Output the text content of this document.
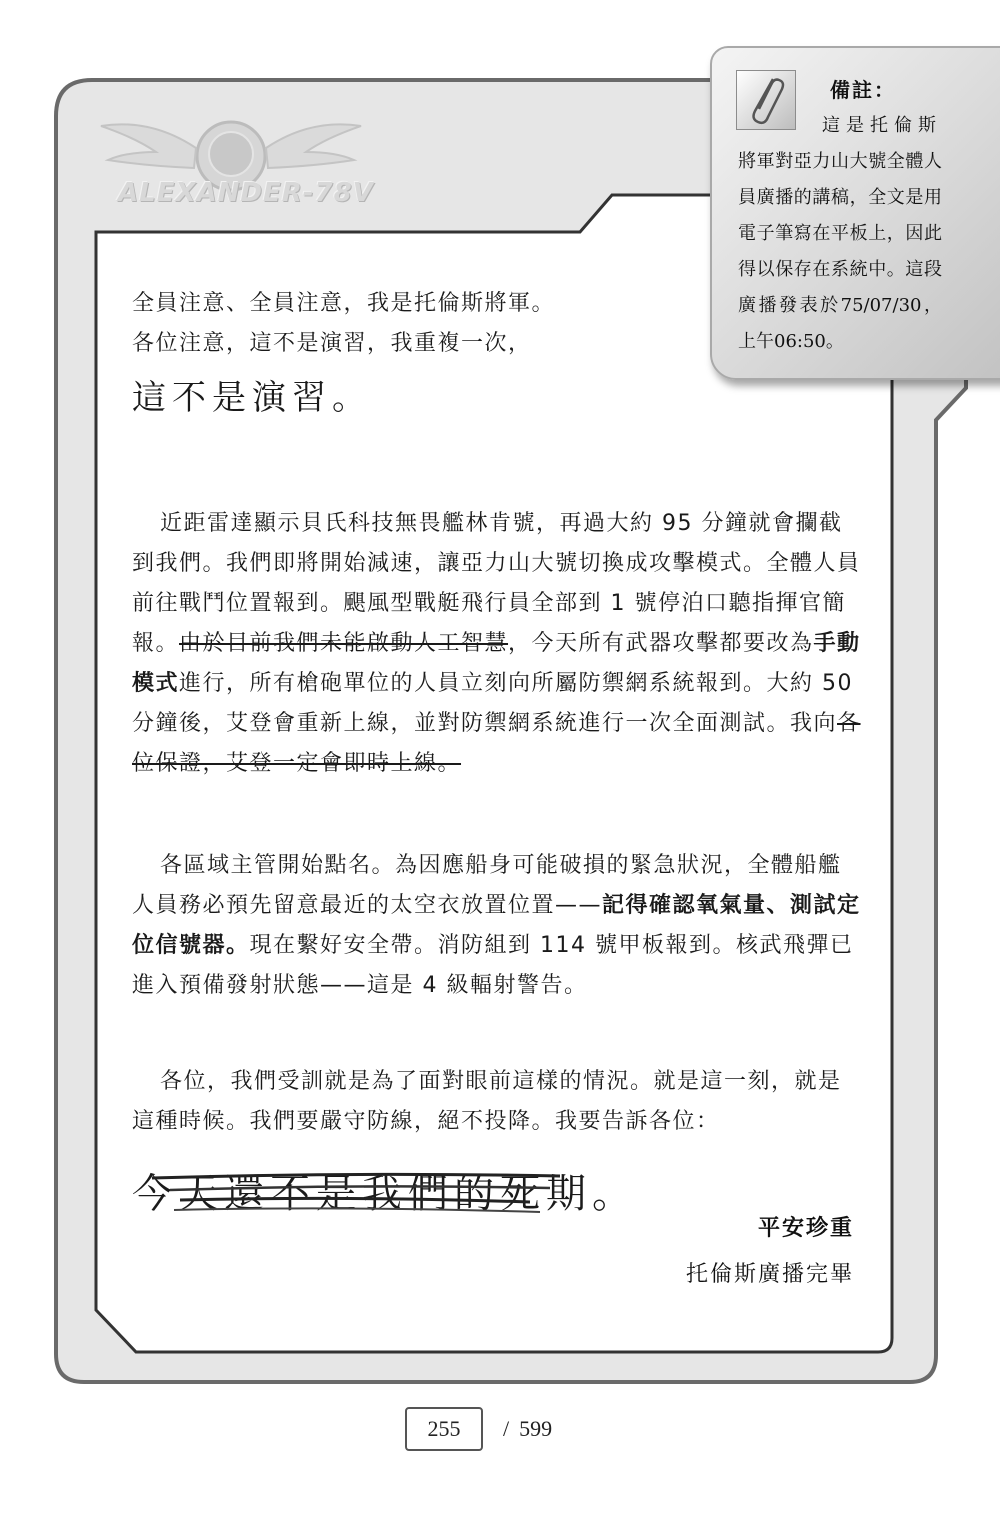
ALEXANDER-78V

全員注意、全員注意，我是托倫斯將軍。

各位注意，這不是演習，我重複一次，

這不是演習。

近距雷達顯示貝氏科技無畏艦林肯號，再過大約 95 分鐘就會攔截到我們。我們即將開始減速，讓亞力山大號切換成攻擊模式。全體人員前往戰鬥位置報到。颶風型戰艇飛行員全部到 1 號停泊口聽指揮官簡報。由於目前我們未能啟動人工智慧，今天所有武器攻擊都要改為手動模式進行，所有槍砲單位的人員立刻向所屬防禦網系統報到。大約 50 分鐘後，艾登會重新上線，並對防禦網系統進行一次全面測試。我向各位保證，艾登一定會即時上線。

各區域主管開始點名。為因應船身可能破損的緊急狀況，全體船艦人員務必預先留意最近的太空衣放置位置——記得確認氧氣量、測試定位信號器。現在繫好安全帶。消防組到 114 號甲板報到。核武飛彈已進入預備發射狀態——這是 4 級輻射警告。

各位，我們受訓就是為了面對眼前這樣的情況。就是這一刻，就是這種時候。我們要嚴守防線，絕不投降。我要告訴各位：

今天還不是我們的死期。

平安珍重
托倫斯廣播完畢
備註：
這是托倫斯
將軍對亞力山大號全體人員廣播的講稿，全文是用電子筆寫在平板上，因此得以保存在系統中。這段廣播發表於75/07/30，上午06:50。
255	/ 599
